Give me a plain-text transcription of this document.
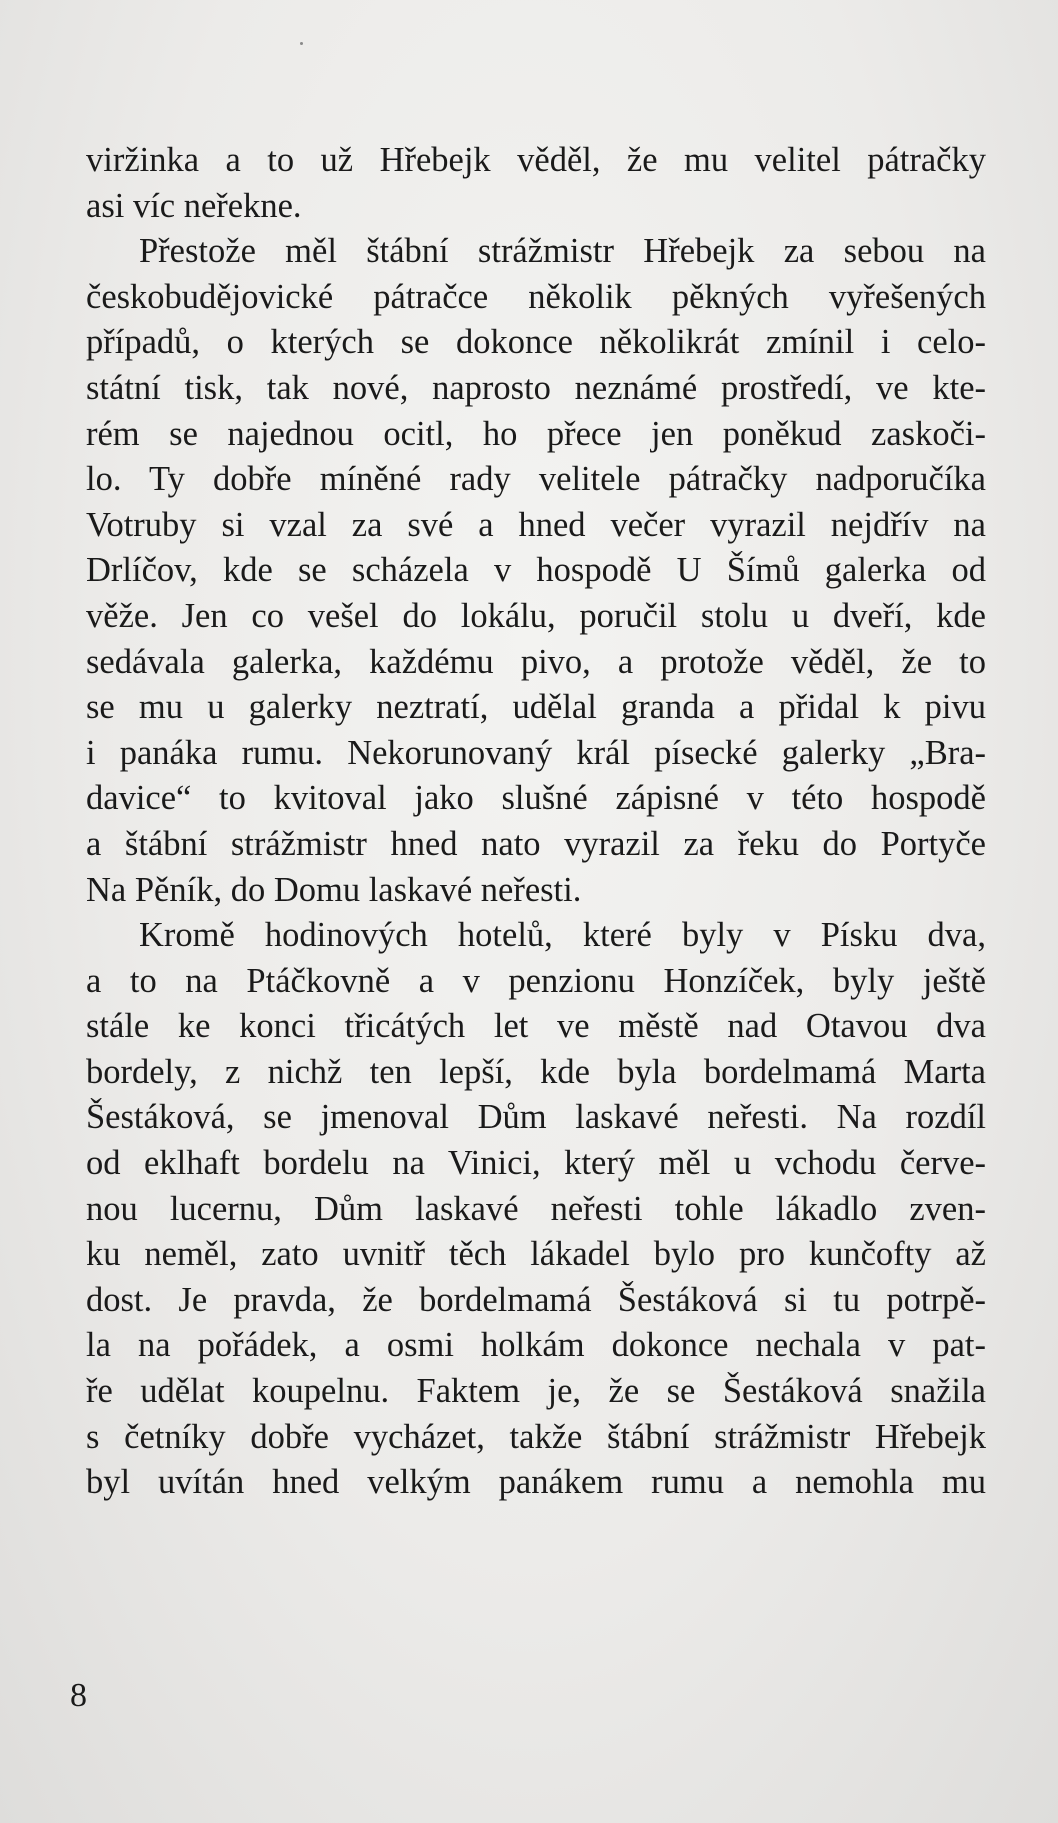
viržinka a to už Hřebejk věděl, že mu velitel pátračky
asi víc neřekne.
Přestože měl štábní strážmistr Hřebejk za sebou na
českobudějovické pátračce několik pěkných vyřešených
případů, o kterých se dokonce několikrát zmínil i celo-
státní tisk, tak nové, naprosto neznámé prostředí, ve kte-
rém se najednou ocitl, ho přece jen poněkud zaskoči-
lo. Ty dobře míněné rady velitele pátračky nadporučíka
Votruby si vzal za své a hned večer vyrazil nejdřív na
Drlíčov, kde se scházela v hospodě U Šímů galerka od
věže. Jen co vešel do lokálu, poručil stolu u dveří, kde
sedávala galerka, každému pivo, a protože věděl, že to
se mu u galerky neztratí, udělal granda a přidal k pivu
i panáka rumu. Nekorunovaný král písecké galerky „Bra-
davice“ to kvitoval jako slušné zápisné v této hospodě
a štábní strážmistr hned nato vyrazil za řeku do Portyče
Na Pěník, do Domu laskavé neřesti.
Kromě hodinových hotelů, které byly v Písku dva,
a to na Ptáčkovně a v penzionu Honzíček, byly ještě
stále ke konci třicátých let ve městě nad Otavou dva
bordely, z nichž ten lepší, kde byla bordelmamá Marta
Šestáková, se jmenoval Dům laskavé neřesti. Na rozdíl
od eklhaft bordelu na Vinici, který měl u vchodu červe-
nou lucernu, Dům laskavé neřesti tohle lákadlo zven-
ku neměl, zato uvnitř těch lákadel bylo pro kunčofty až
dost. Je pravda, že bordelmamá Šestáková si tu potrpě-
la na pořádek, a osmi holkám dokonce nechala v pat-
ře udělat koupelnu. Faktem je, že se Šestáková snažila
s četníky dobře vycházet, takže štábní strážmistr Hřebejk
byl uvítán hned velkým panákem rumu a nemohla mu
8
